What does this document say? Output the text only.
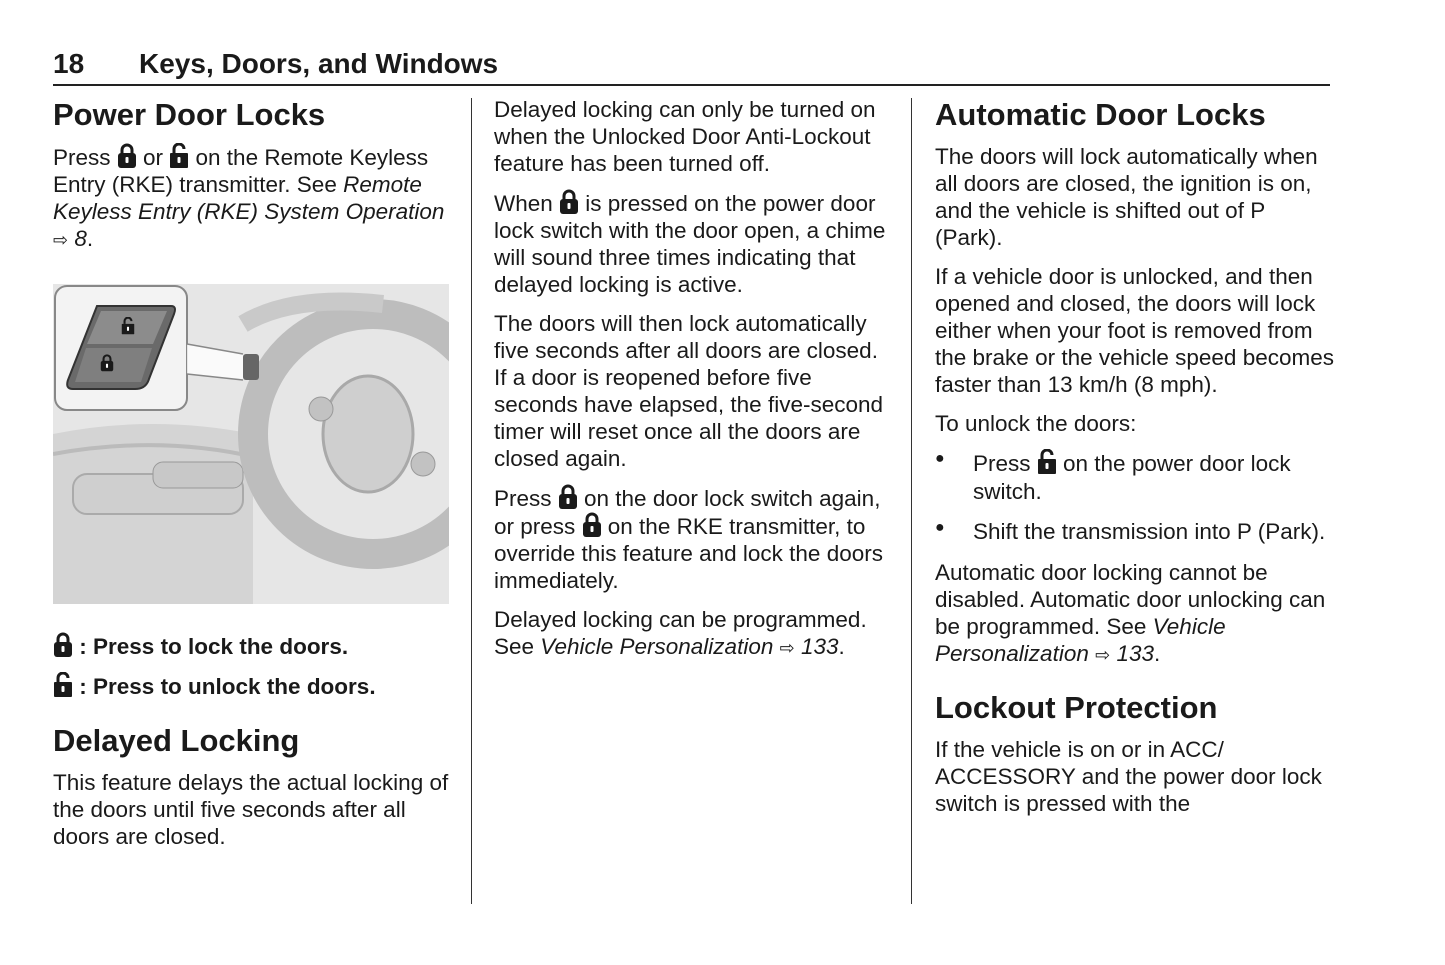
18 Keys, Doors, and Windows
Power Door Locks

Press  or  on the Remote Keyless Entry (RKE) transmitter. See Remote Keyless Entry (RKE) System Operation ⇨ 8.

: Press to lock the doors.

: Press to unlock the doors.

Delayed Locking

This feature delays the actual locking of the doors until five seconds after all doors are closed.

Delayed locking can only be turned on when the Unlocked Door Anti-Lockout feature has been turned off.

When  is pressed on the power door lock switch with the door open, a chime will sound three times indicating that delayed locking is active.

The doors will then lock automatically five seconds after all doors are closed. If a door is reopened before five seconds have elapsed, the five-second timer will reset once all the doors are closed again.

Press  on the door lock switch again, or press  on the RKE transmitter, to override this feature and lock the doors immediately.

Delayed locking can be programmed. See Vehicle Personalization ⇨ 133.

Automatic Door Locks

The doors will lock automatically when all doors are closed, the ignition is on, and the vehicle is shifted out of P (Park).

If a vehicle door is unlocked, and then opened and closed, the doors will lock either when your foot is removed from the brake or the vehicle speed becomes faster than 13 km/h (8 mph).

To unlock the doors:

● Press  on the power door lock switch.
● Shift the transmission into P (Park).

Automatic door locking cannot be disabled. Automatic door unlocking can be programmed. See Vehicle Personalization ⇨ 133.

Lockout Protection

If the vehicle is on or in ACC/ ACCESSORY and the power door lock switch is pressed with the
